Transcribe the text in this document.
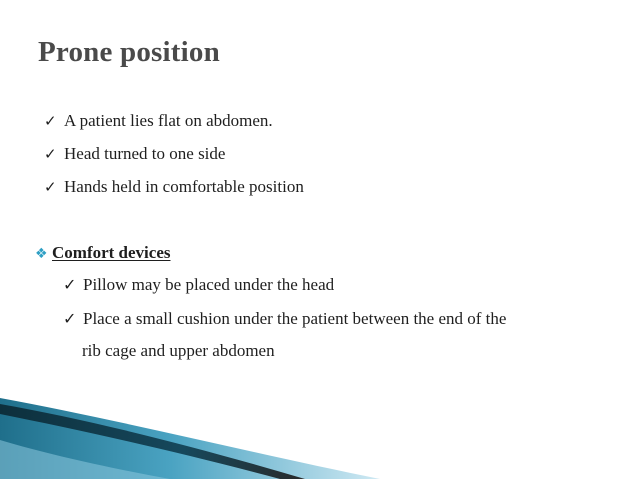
Prone position
✓ A patient lies flat on abdomen.
✓ Head turned to one side
✓ Hands held in comfortable position
❖ Comfort devices
✓ Pillow may be placed under the head
✓ Place a small cushion under the patient between the end of the
rib cage and upper abdomen
